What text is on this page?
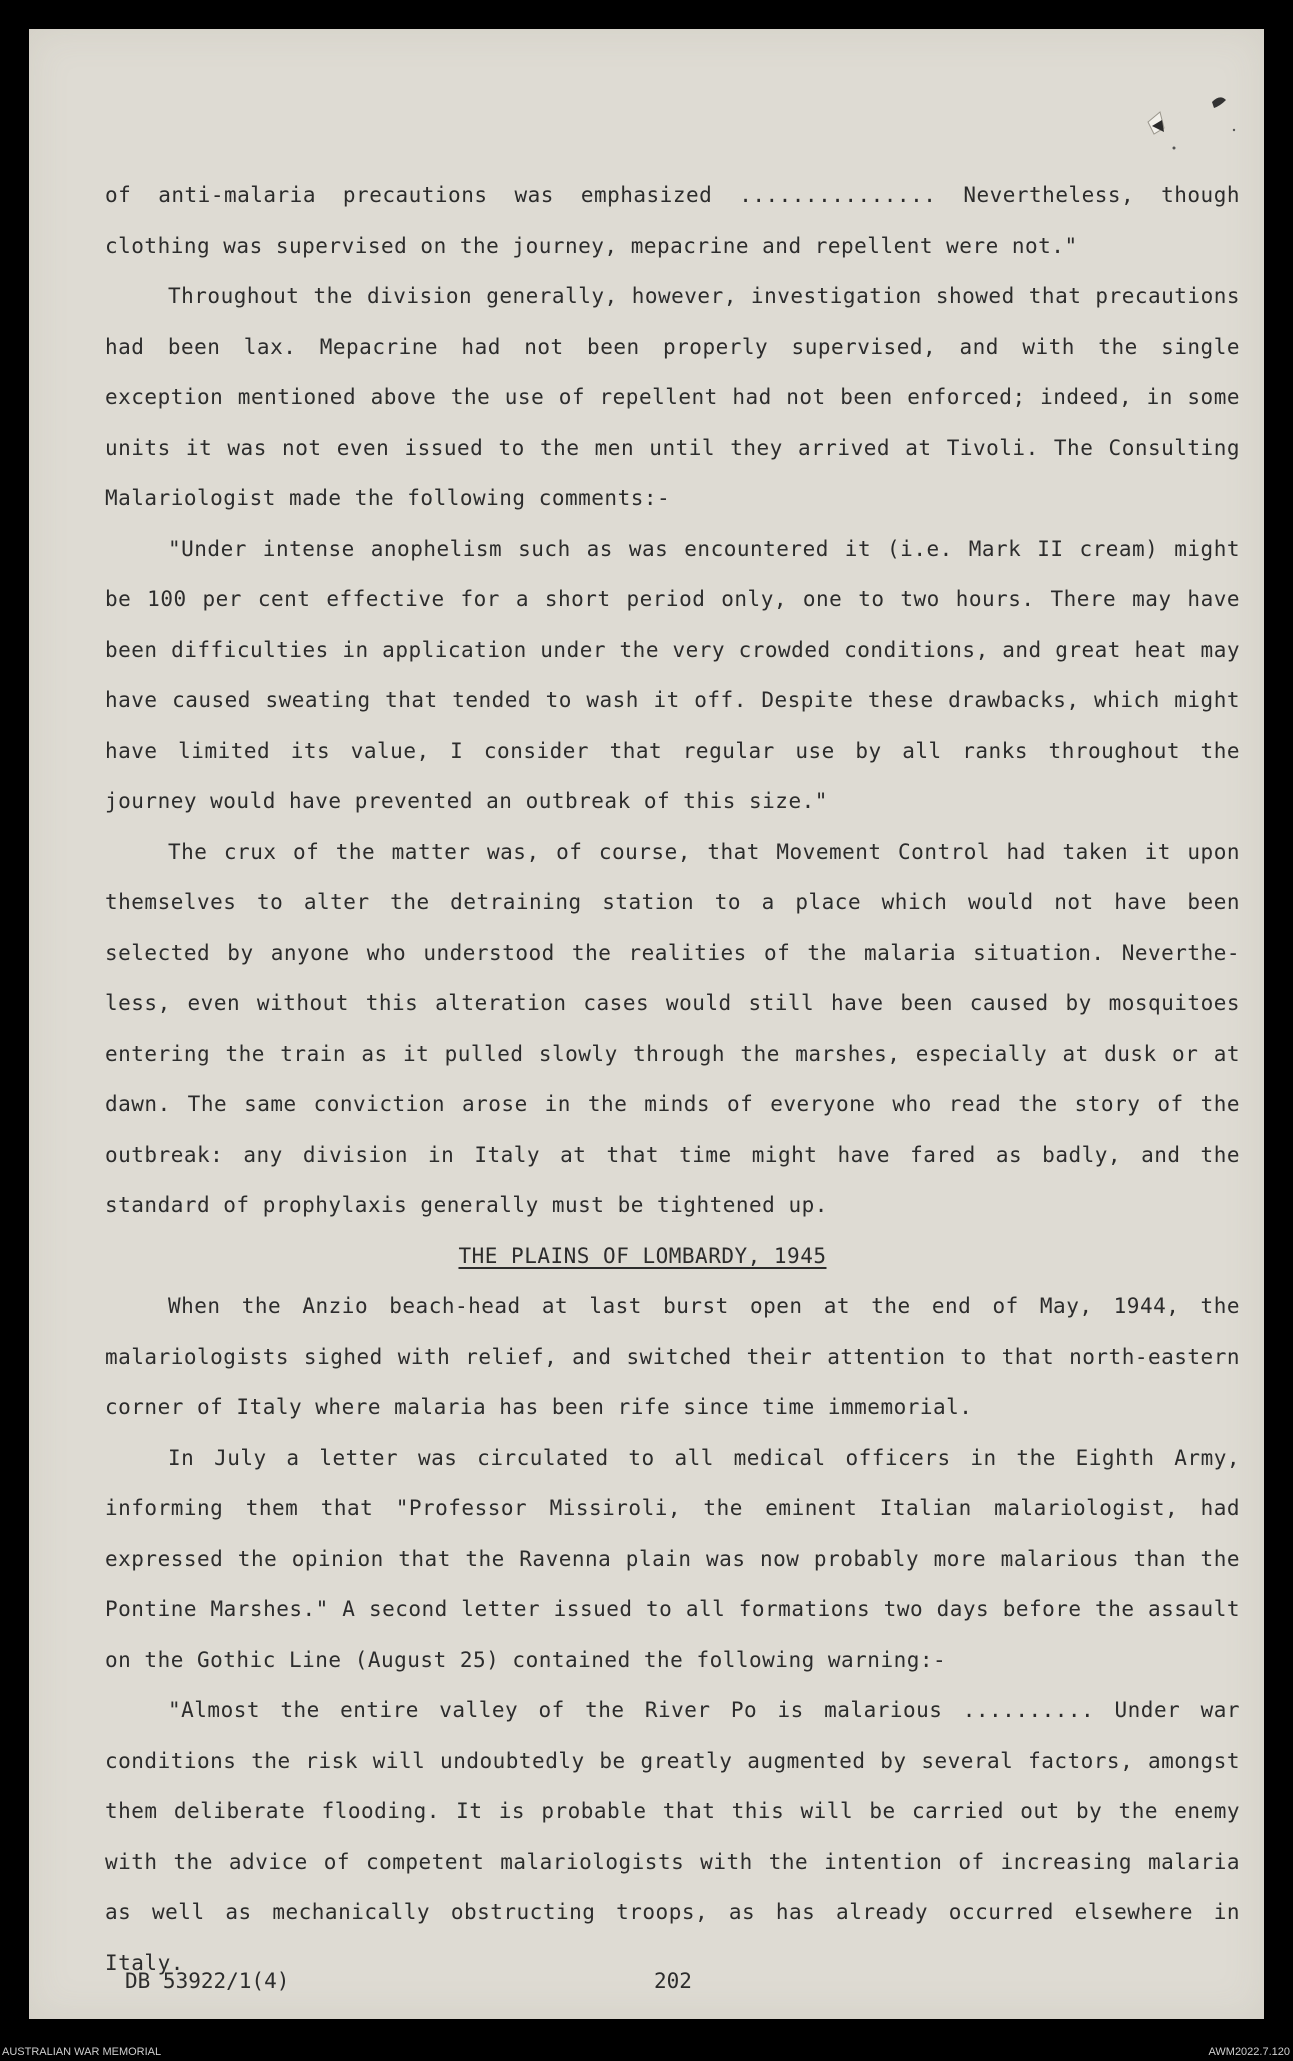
of anti-malaria precautions was emphasized ............... Nevertheless, though clothing was supervised on the journey, mepacrine and repellent were not."

Throughout the division generally, however, investigation showed that precautions had been lax. Mepacrine had not been properly supervised, and with the single exception mentioned above the use of repellent had not been enforced; indeed, in some units it was not even issued to the men until they arrived at Tivoli. The Consulting Malariologist made the following comments:-

"Under intense anophelism such as was encountered it (i.e. Mark II cream) might be 100 per cent effective for a short period only, one to two hours. There may have been difficulties in application under the very crowded conditions, and great heat may have caused sweating that tended to wash it off. Despite these drawbacks, which might have limited its value, I consider that regular use by all ranks throughout the journey would have prevented an outbreak of this size."

The crux of the matter was, of course, that Movement Control had taken it upon themselves to alter the detraining station to a place which would not have been selected by anyone who understood the realities of the malaria situation. Neverthe-less, even without this alteration cases would still have been caused by mosquitoes entering the train as it pulled slowly through the marshes, especially at dusk or at dawn. The same conviction arose in the minds of everyone who read the story of the outbreak: any division in Italy at that time might have fared as badly, and the standard of prophylaxis generally must be tightened up.

THE PLAINS OF LOMBARDY, 1945

When the Anzio beach-head at last burst open at the end of May, 1944, the malariologists sighed with relief, and switched their attention to that north-eastern corner of Italy where malaria has been rife since time immemorial.

In July a letter was circulated to all medical officers in the Eighth Army, informing them that "Professor Missiroli, the eminent Italian malariologist, had expressed the opinion that the Ravenna plain was now probably more malarious than the Pontine Marshes." A second letter issued to all formations two days before the assault on the Gothic Line (August 25) contained the following warning:-

"Almost the entire valley of the River Po is malarious .......... Under war conditions the risk will undoubtedly be greatly augmented by several factors, amongst them deliberate flooding. It is probable that this will be carried out by the enemy with the advice of competent malariologists with the intention of increasing malaria as well as mechanically obstructing troops, as has already occurred elsewhere in Italy.

DB 53922/1(4)	202
AUSTRALIAN WAR MEMORIAL	AWM2022.7.120
